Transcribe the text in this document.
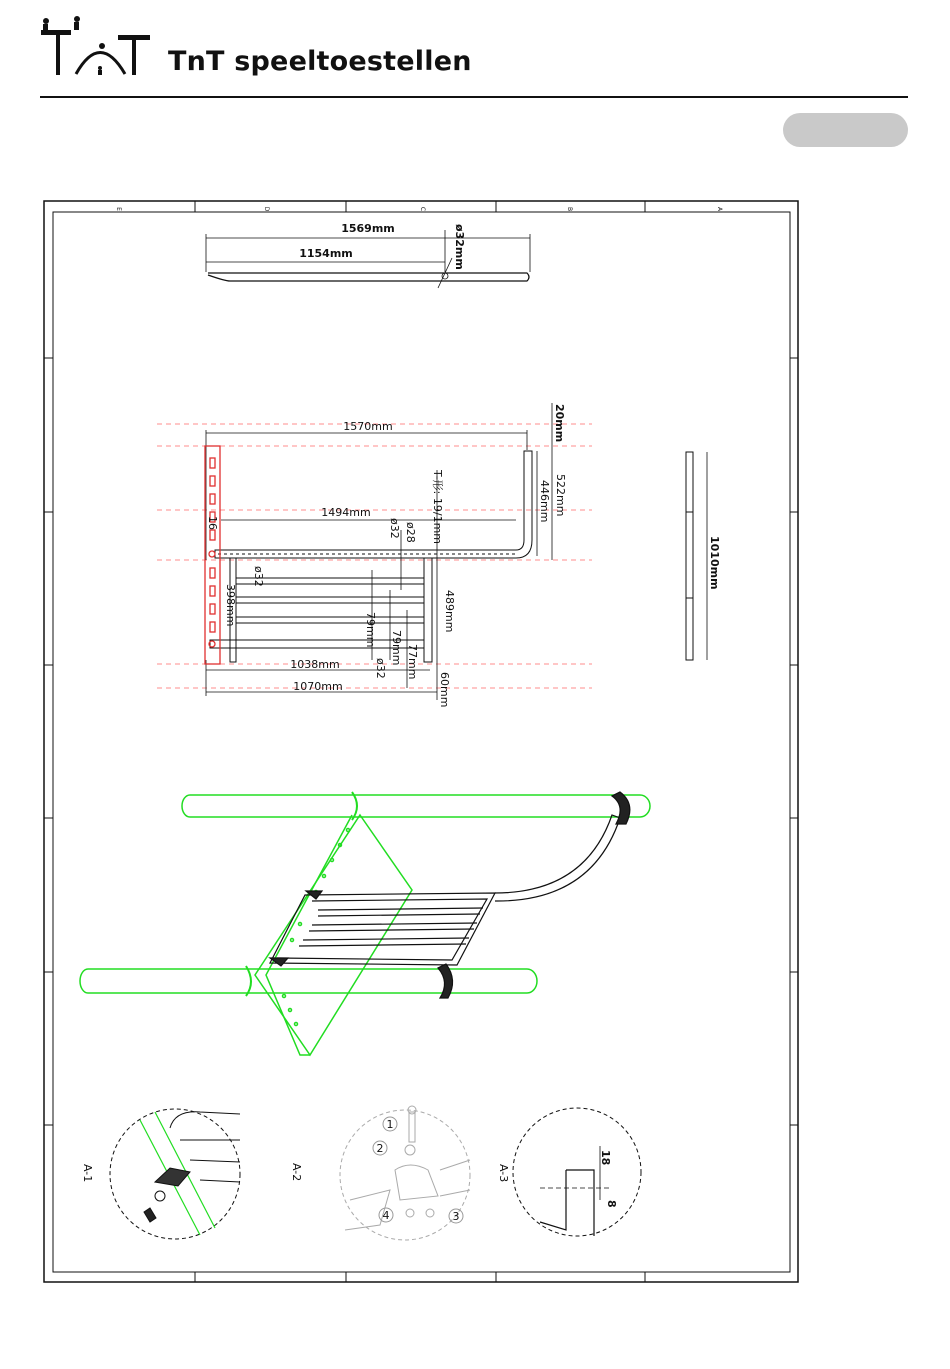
TnT speeltoestellen
E	D	C	B	A
1569mm
1154mm	ø32mm
1570mm	20mm
1494mm	446mm 522mm
ø32 ø28
16
ø32
398mm
79mm
79mm 77mm
489mm
ø32
1038mm
1070mm	60mm
T-形: 19/1mm
1010mm
A-1
1
2
3
4
A-2
18
8
A-3
